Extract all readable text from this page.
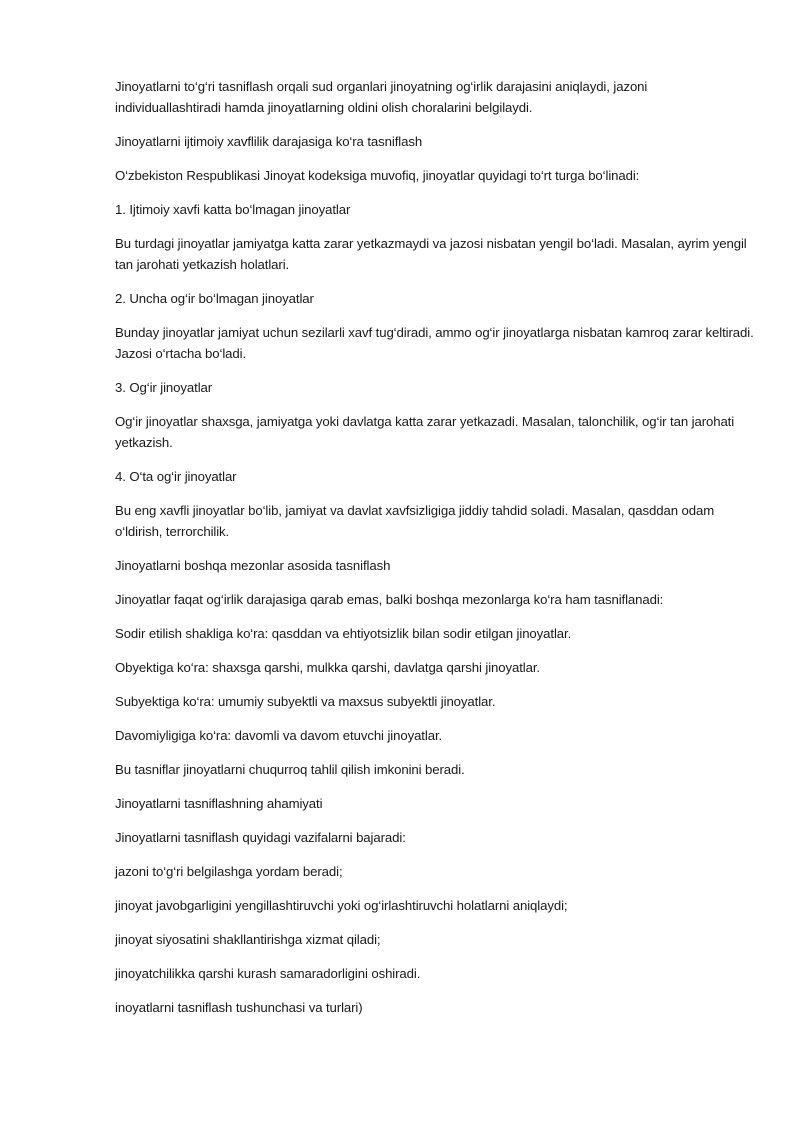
Jinoyatlarni to‘g‘ri tasniflash orqali sud organlari jinoyatning og‘irlik darajasini aniqlaydi, jazoni individuallashtiradi hamda jinoyatlarning oldini olish choralarini belgilaydi.

Jinoyatlarni ijtimoiy xavflilik darajasiga ko‘ra tasniflash

O‘zbekiston Respublikasi Jinoyat kodeksiga muvofiq, jinoyatlar quyidagi to‘rt turga bo‘linadi:

1. Ijtimoiy xavfi katta bo‘lmagan jinoyatlar

Bu turdagi jinoyatlar jamiyatga katta zarar yetkazmaydi va jazosi nisbatan yengil bo‘ladi. Masalan, ayrim yengil tan jarohati yetkazish holatlari.

2. Uncha og‘ir bo‘lmagan jinoyatlar

Bunday jinoyatlar jamiyat uchun sezilarli xavf tug‘diradi, ammo og‘ir jinoyatlarga nisbatan kamroq zarar keltiradi. Jazosi o‘rtacha bo‘ladi.

3. Og‘ir jinoyatlar

Og‘ir jinoyatlar shaxsga, jamiyatga yoki davlatga katta zarar yetkazadi. Masalan, talonchilik, og‘ir tan jarohati yetkazish.

4. O‘ta og‘ir jinoyatlar

Bu eng xavfli jinoyatlar bo‘lib, jamiyat va davlat xavfsizligiga jiddiy tahdid soladi. Masalan, qasddan odam o‘ldirish, terrorchilik.

Jinoyatlarni boshqa mezonlar asosida tasniflash

Jinoyatlar faqat og‘irlik darajasiga qarab emas, balki boshqa mezonlarga ko‘ra ham tasniflanadi:

Sodir etilish shakliga ko‘ra: qasddan va ehtiyotsizlik bilan sodir etilgan jinoyatlar.

Obyektiga ko‘ra: shaxsga qarshi, mulkka qarshi, davlatga qarshi jinoyatlar.

Subyektiga ko‘ra: umumiy subyektli va maxsus subyektli jinoyatlar.

Davomiyligiga ko‘ra: davomli va davom etuvchi jinoyatlar.

Bu tasniflar jinoyatlarni chuqurroq tahlil qilish imkonini beradi.

Jinoyatlarni tasniflashning ahamiyati

Jinoyatlarni tasniflash quyidagi vazifalarni bajaradi:

jazoni to‘g‘ri belgilashga yordam beradi;

jinoyat javobgarligini yengillashtiruvchi yoki og‘irlashtiruvchi holatlarni aniqlaydi;

jinoyat siyosatini shakllantirishga xizmat qiladi;

jinoyatchilikka qarshi kurash samaradorligini oshiradi.

inoyatlarni tasniflash tushunchasi va turlari)
